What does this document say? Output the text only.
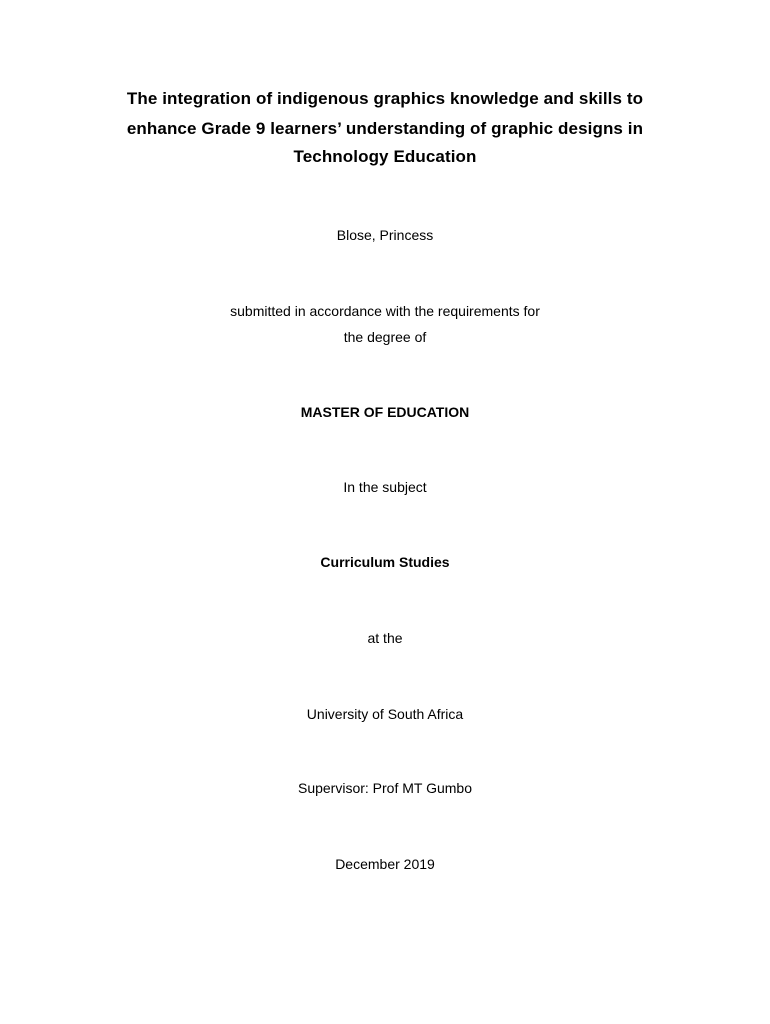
The integration of indigenous graphics knowledge and skills to
enhance Grade 9 learners’ understanding of graphic designs in
Technology Education
Blose, Princess
submitted in accordance with the requirements for
the degree of
MASTER OF EDUCATION
In the subject
Curriculum Studies
at the
University of South Africa
Supervisor: Prof MT Gumbo
December 2019
